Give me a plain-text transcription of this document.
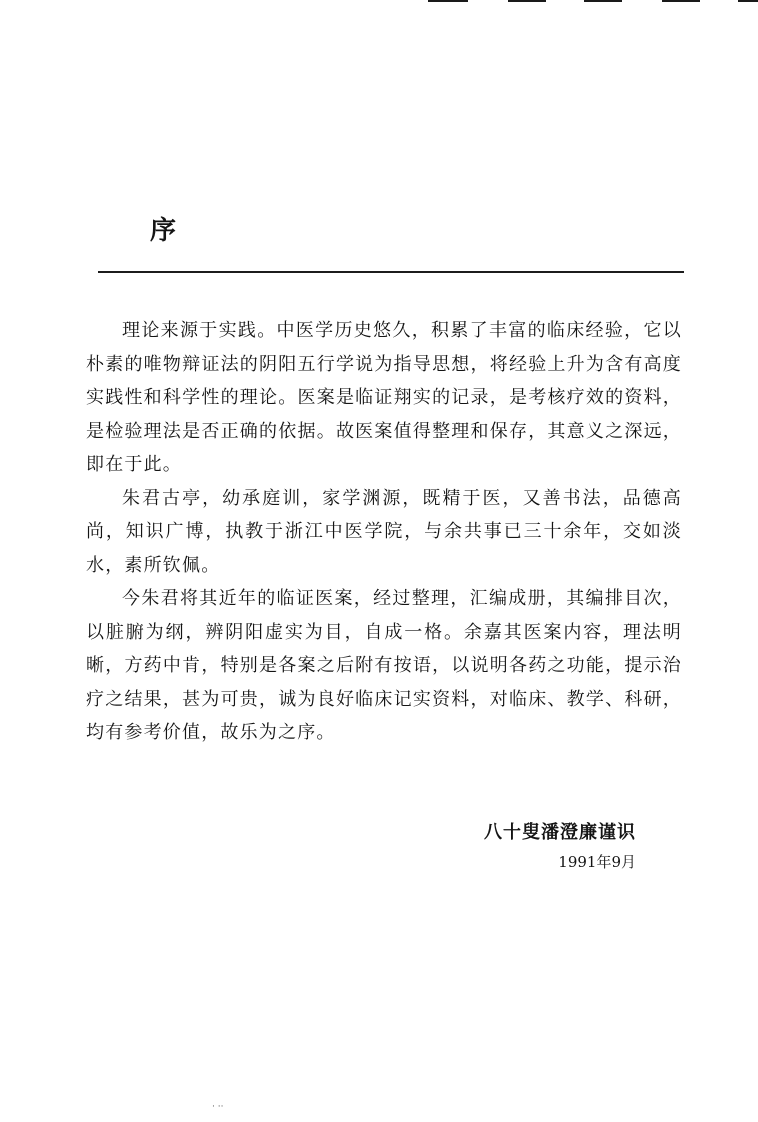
序

理论来源于实践。中医学历史悠久，积累了丰富的临床经验，它以朴素的唯物辩证法的阴阳五行学说为指导思想，将经验上升为含有高度实践性和科学性的理论。医案是临证翔实的记录，是考核疗效的资料，是检验理法是否正确的依据。故医案值得整理和保存，其意义之深远，即在于此。

朱君古亭，幼承庭训，家学渊源，既精于医，又善书法，品德高尚，知识广博，执教于浙江中医学院，与余共事已三十余年，交如淡水，素所钦佩。

今朱君将其近年的临证医案，经过整理，汇编成册，其编排目次，以脏腑为纲，辨阴阳虚实为目，自成一格。余嘉其医案内容，理法明晰，方药中肯，特别是各案之后附有按语，以说明各药之功能，提示治疗之结果，甚为可贵，诚为良好临床记实资料，对临床、教学、科研，均有参考价值，故乐为之序。

八十叟潘澄廉谨识
1991年9月
· ··
